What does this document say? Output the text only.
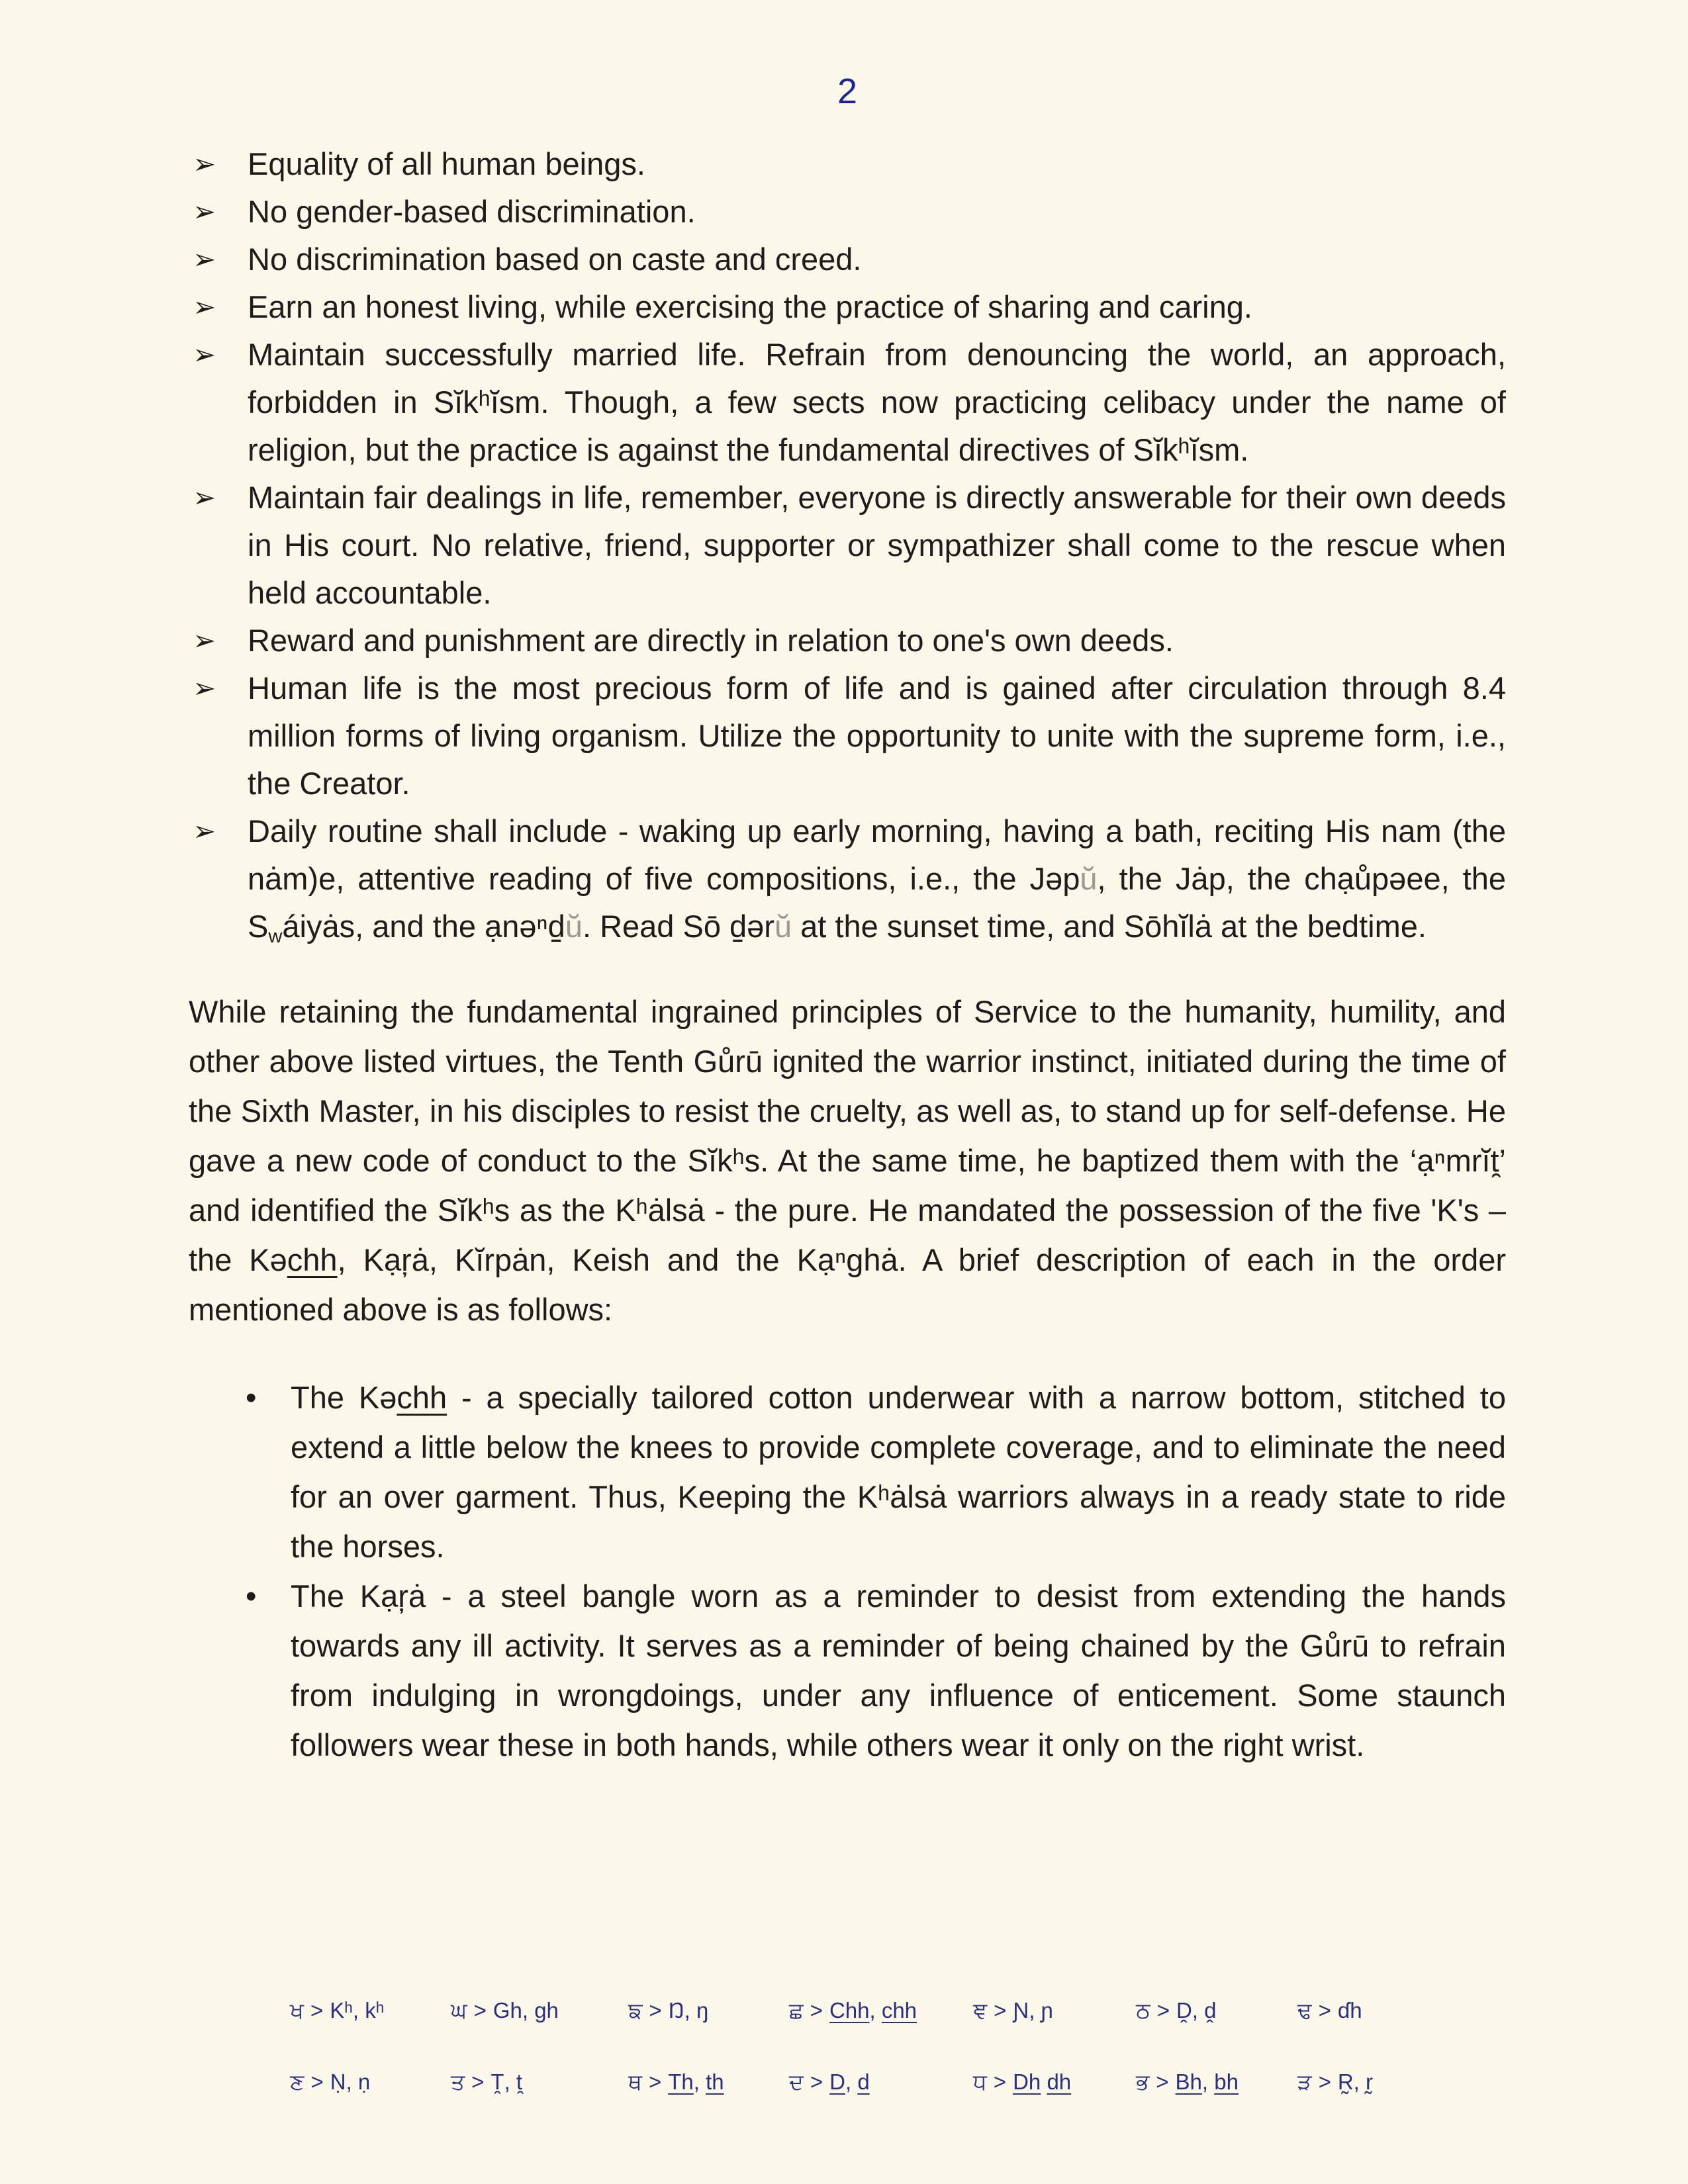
2
➢	Equality of all human beings.
➢	No gender-based discrimination.
➢	No discrimination based on caste and creed.
➢	Earn an honest living, while exercising the practice of sharing and caring.
➢	Maintain successfully married life. Refrain from denouncing the world, an approach, forbidden in Sĭkʰĭsm. Though, a few sects now practicing celibacy under the name of religion, but the practice is against the fundamental directives of Sĭkʰĭsm.
➢	Maintain fair dealings in life, remember, everyone is directly answerable for their own deeds in His court. No relative, friend, supporter or sympathizer shall come to the rescue when held accountable.
➢	Reward and punishment are directly in relation to one's own deeds.
➢	Human life is the most precious form of life and is gained after circulation through 8.4 million forms of living organism. Utilize the opportunity to unite with the supreme form, i.e., the Creator.
➢	Daily routine shall include - waking up early morning, having a bath, reciting His nam (the nȧm)e, attentive reading of five compositions, i.e., the Jəpŭ, the Jȧp, the chạůpəee, the $S_wáiyȧs$, and the ạnəⁿd̠ŭ. Read Sō d̠ərŭ at the sunset time, and Sōhĭlȧ at the bedtime.
While retaining the fundamental ingrained principles of Service to the humanity, humility, and other above listed virtues, the Tenth Gůrū ignited the warrior instinct, initiated during the time of the Sixth Master, in his disciples to resist the cruelty, as well as, to stand up for self-defense. He gave a new code of conduct to the Sĭkʰs. At the same time, he baptized them with the ‘ạⁿmrĭt̯’ and identified the Sĭkʰs as the Kʰȧlsȧ - the pure. He mandated the possession of the five 'K's – the Kəchh, Kạŗȧ, Kĭrpȧn, Keish and the Kạⁿghȧ. A brief description of each in the order mentioned above is as follows:
•	The Kəchh - a specially tailored cotton underwear with a narrow bottom, stitched to extend a little below the knees to provide complete coverage, and to eliminate the need for an over garment. Thus, Keeping the Kʰȧlsȧ warriors always in a ready state to ride the horses.
•	The Kạŗȧ - a steel bangle worn as a reminder to desist from extending the hands towards any ill activity. It serves as a reminder of being chained by the Gůrū to refrain from indulging in wrongdoings, under any influence of enticement. Some staunch followers wear these in both hands, while others wear it only on the right wrist.
ਖ > Kʰ, kʰ	ਘ > Gh, gh	ਙ > Ŋ, ŋ	ਛ > Chh, chh	ਞ > Ɲ, ɲ	ਠ > Ḓ, ḓ	ਢ > ɗh
ਣ > Ṇ, ṇ	ਤ > T̯, t̯	ਥ > Th, th	ਦ > D, d	ਧ > Dh dh	ਭ > Bh, bh	ੜ > R̰, r̰
